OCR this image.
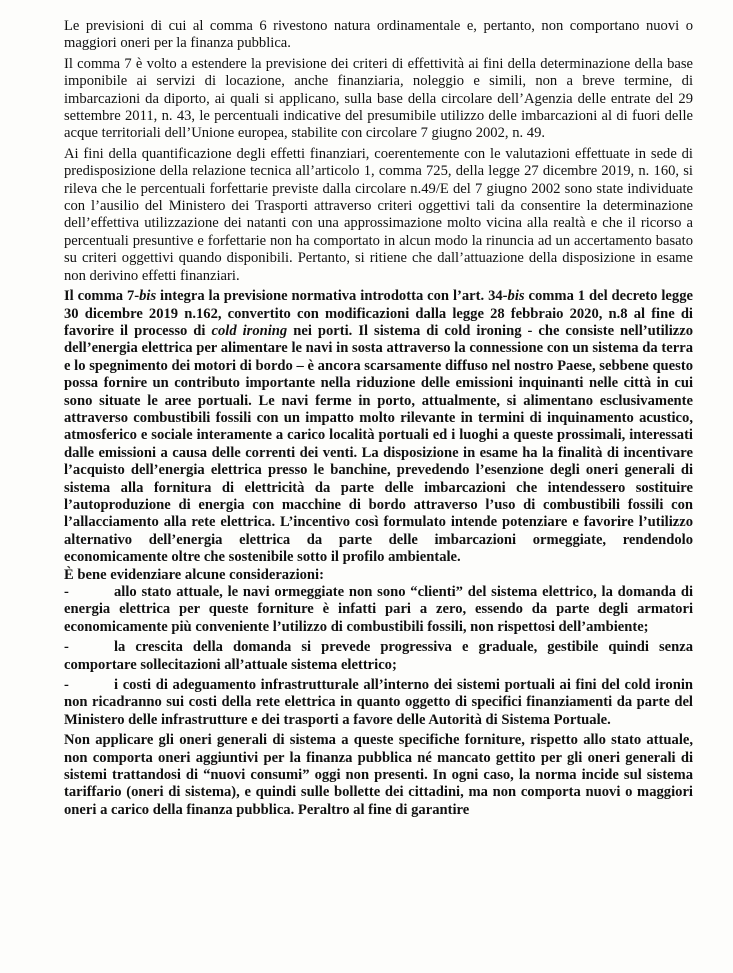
Le previsioni di cui al comma 6 rivestono natura ordinamentale e, pertanto, non comportano nuovi o maggiori oneri per la finanza pubblica.

Il comma 7 è volto a estendere la previsione dei criteri di effettività ai fini della determinazione della base imponibile ai servizi di locazione, anche finanziaria, noleggio e simili, non a breve termine, di imbarcazioni da diporto, ai quali si applicano, sulla base della circolare dell’Agenzia delle entrate del 29 settembre 2011, n. 43, le percentuali indicative del presumibile utilizzo delle imbarcazioni al di fuori delle acque territoriali dell’Unione europea, stabilite con circolare 7 giugno 2002, n. 49.

Ai fini della quantificazione degli effetti finanziari, coerentemente con le valutazioni effettuate in sede di predisposizione della relazione tecnica all’articolo 1, comma 725, della legge 27 dicembre 2019, n. 160, si rileva che le percentuali forfettarie previste dalla circolare n.49/E del 7 giugno 2002 sono state individuate con l’ausilio del Ministero dei Trasporti attraverso criteri oggettivi tali da consentire la determinazione dell’effettiva utilizzazione dei natanti con una approssimazione molto vicina alla realtà e che il ricorso a percentuali presuntive e forfettarie non ha comportato in alcun modo la rinuncia ad un accertamento basato su criteri oggettivi quando disponibili. Pertanto, si ritiene che dall’attuazione della disposizione in esame non derivino effetti finanziari.

Il comma 7-bis integra la previsione normativa introdotta con l’art. 34-bis comma 1 del decreto legge 30 dicembre 2019 n.162, convertito con modificazioni dalla legge 28 febbraio 2020, n.8 al fine di favorire il processo di cold ironing nei porti. Il sistema di cold ironing - che consiste nell’utilizzo dell’energia elettrica per alimentare le navi in sosta attraverso la connessione con un sistema da terra e lo spegnimento dei motori di bordo – è ancora scarsamente diffuso nel nostro Paese, sebbene questo possa fornire un contributo importante nella riduzione delle emissioni inquinanti nelle città in cui sono situate le aree portuali. Le navi ferme in porto, attualmente, si alimentano esclusivamente attraverso combustibili fossili con un impatto molto rilevante in termini di inquinamento acustico, atmosferico e sociale interamente a carico località portuali ed i luoghi a queste prossimali, interessati dalle emissioni a causa delle correnti dei venti. La disposizione in esame ha la finalità di incentivare l’acquisto dell’energia elettrica presso le banchine, prevedendo l’esenzione degli oneri generali di sistema alla fornitura di elettricità da parte delle imbarcazioni che intendessero sostituire l’autoproduzione di energia con macchine di bordo attraverso l’uso di combustibili fossili con l’allacciamento alla rete elettrica. L’incentivo così formulato intende potenziare e favorire l’utilizzo alternativo dell’energia elettrica da parte delle imbarcazioni ormeggiate, rendendolo economicamente oltre che sostenibile sotto il profilo ambientale.

È bene evidenziare alcune considerazioni:

-	allo stato attuale, le navi ormeggiate non sono “clienti” del sistema elettrico, la domanda di energia elettrica per queste forniture è infatti pari a zero, essendo da parte degli armatori economicamente più conveniente l’utilizzo di combustibili fossili, non rispettosi dell’ambiente;

-	la crescita della domanda si prevede progressiva e graduale, gestibile quindi senza comportare sollecitazioni all’attuale sistema elettrico;

-	i costi di adeguamento infrastrutturale all’interno dei sistemi portuali ai fini del cold ironin non ricadranno sui costi della rete elettrica in quanto oggetto di specifici finanziamenti da parte del Ministero delle infrastrutture e dei trasporti a favore delle Autorità di Sistema Portuale.

Non applicare gli oneri generali di sistema a queste specifiche forniture, rispetto allo stato attuale, non comporta oneri aggiuntivi per la finanza pubblica né mancato gettito per gli oneri generali di sistemi trattandosi di “nuovi consumi” oggi non presenti. In ogni caso, la norma incide sul sistema tariffario (oneri di sistema), e quindi sulle bollette dei cittadini, ma non comporta nuovi o maggiori oneri a carico della finanza pubblica. Peraltro al fine di garantire
